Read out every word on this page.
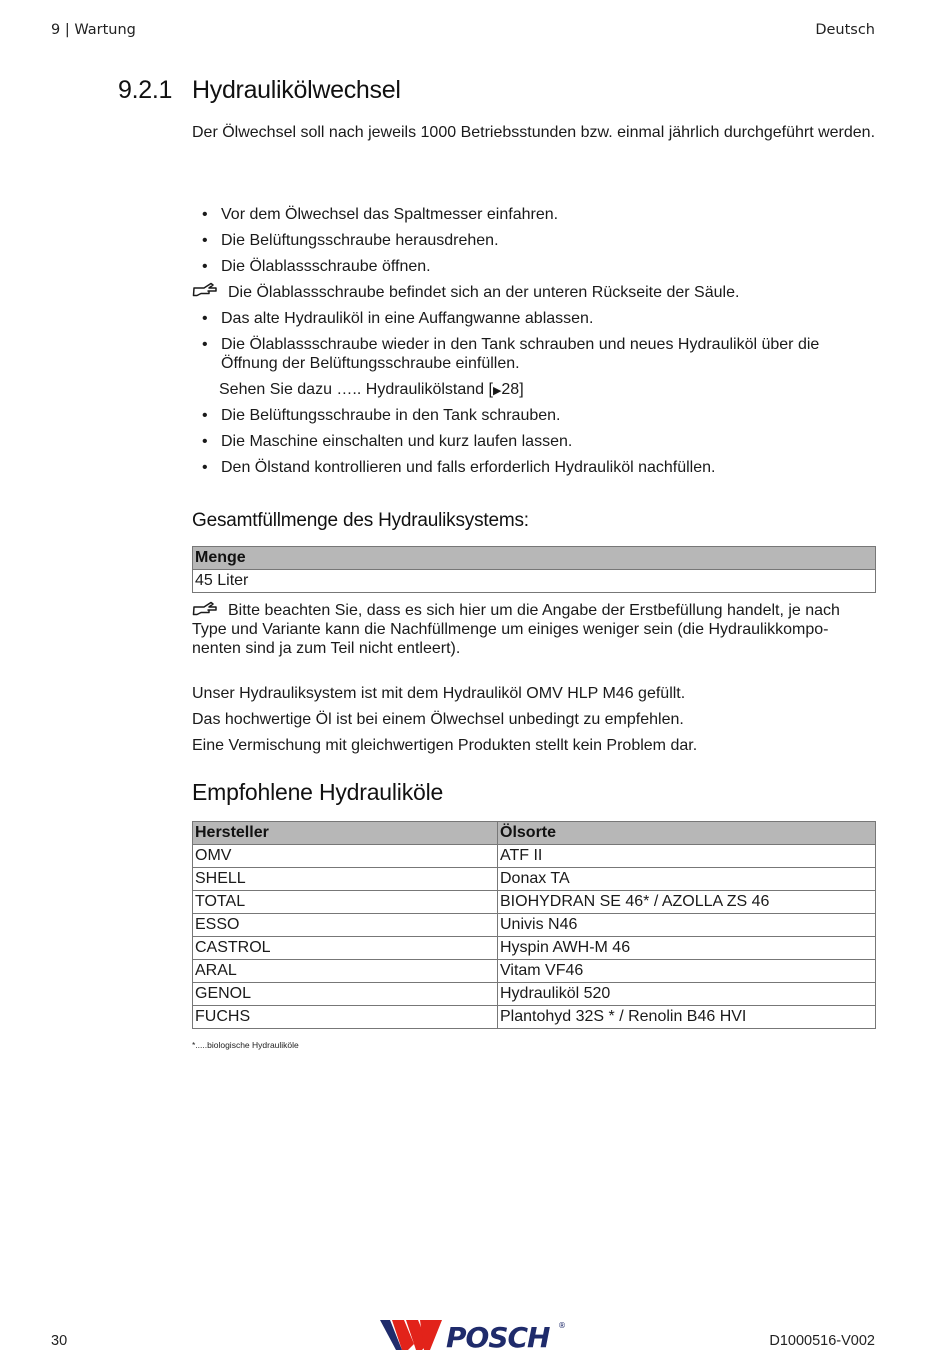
9 | Wartung	Deutsch
9.2.1 Hydraulikölwechsel
Der Ölwechsel soll nach jeweils 1000 Betriebsstunden bzw. einmal jährlich durchgeführt werden.
• Vor dem Ölwechsel das Spaltmesser einfahren.
• Die Belüftungsschraube herausdrehen.
• Die Ölablassschraube öffnen.
Die Ölablassschraube befindet sich an der unteren Rückseite der Säule.
• Das alte Hydrauliköl in eine Auffangwanne ablassen.
• Die Ölablassschraube wieder in den Tank schrauben und neues Hydrauliköl über die Öffnung der Belüftungsschraube einfüllen.
Sehen Sie dazu ….. Hydraulikölstand [▶28]
• Die Belüftungsschraube in den Tank schrauben.
• Die Maschine einschalten und kurz laufen lassen.
• Den Ölstand kontrollieren und falls erforderlich Hydrauliköl nachfüllen.
Gesamtfüllmenge des Hydrauliksystems:
Menge
45 Liter
Bitte beachten Sie, dass es sich hier um die Angabe der Erstbefüllung handelt, je nach Type und Variante kann die Nachfüllmenge um einiges weniger sein (die Hydraulikkompo-nenten sind ja zum Teil nicht entleert).
Unser Hydrauliksystem ist mit dem Hydrauliköl OMV HLP M46 gefüllt.
Das hochwertige Öl ist bei einem Ölwechsel unbedingt zu empfehlen.
Eine Vermischung mit gleichwertigen Produkten stellt kein Problem dar.
Empfohlene Hydrauliköle
Hersteller	Ölsorte
OMV	ATF II
SHELL	Donax TA
TOTAL	BIOHYDRAN SE 46* / AZOLLA ZS 46
ESSO	Univis N46
CASTROL	Hyspin AWH-M 46
ARAL	Vitam VF46
GENOL	Hydrauliköl 520
FUCHS	Plantohyd 32S * / Renolin B46 HVI
*.....biologische Hydrauliköle
30	D1000516-V002
POSCH ®
